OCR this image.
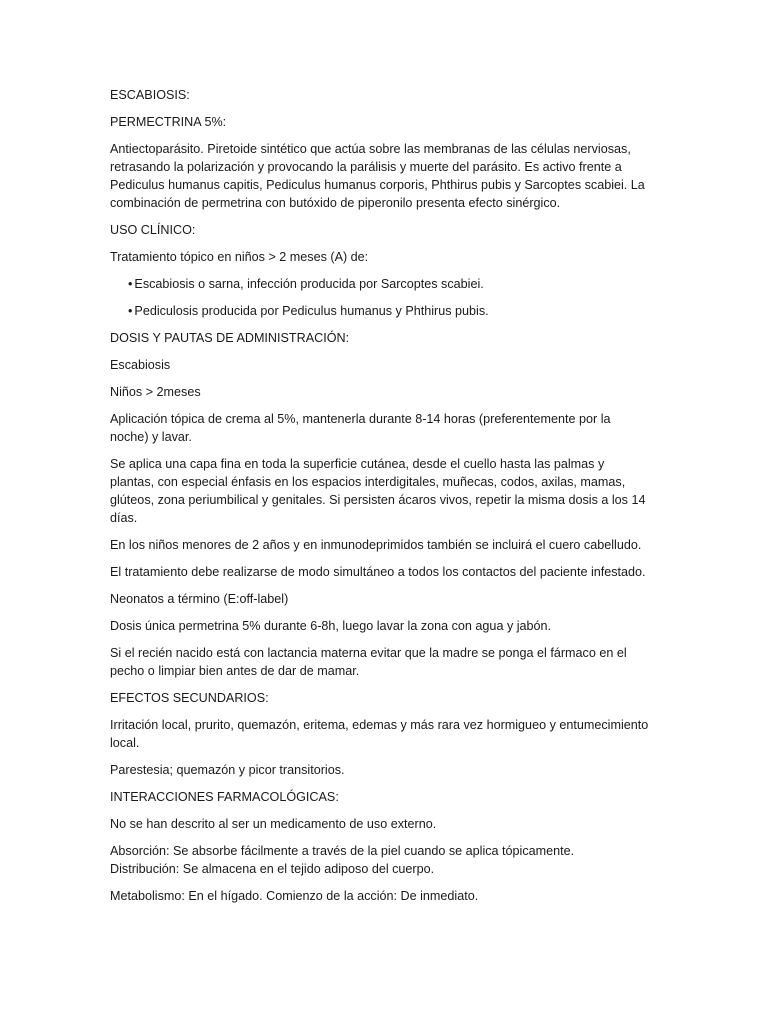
ESCABIOSIS:

PERMECTRINA 5%:

Antiectoparásito. Piretoide sintético que actúa sobre las membranas de las células nerviosas, retrasando la polarización y provocando la parálisis y muerte del parásito. Es activo frente a Pediculus humanus capitis, Pediculus humanus corporis, Phthirus pubis y Sarcoptes scabiei. La combinación de permetrina con butóxido de piperonilo presenta efecto sinérgico.

USO CLÍNICO:

Tratamiento tópico en niños > 2 meses (A) de:

• Escabiosis o sarna, infección producida por Sarcoptes scabiei.
• Pediculosis producida por Pediculus humanus y Phthirus pubis.

DOSIS Y PAUTAS DE ADMINISTRACIÓN:

Escabiosis

Niños > 2meses

Aplicación tópica de crema al 5%, mantenerla durante 8-14 horas (preferentemente por la noche) y lavar.

Se aplica una capa fina en toda la superficie cutánea, desde el cuello hasta las palmas y plantas, con especial énfasis en los espacios interdigitales, muñecas, codos, axilas, mamas, glúteos, zona periumbilical y genitales. Si persisten ácaros vivos, repetir la misma dosis a los 14 días.

En los niños menores de 2 años y en inmunodeprimidos también se incluirá el cuero cabelludo.

El tratamiento debe realizarse de modo simultáneo a todos los contactos del paciente infestado.

Neonatos a término (E:off-label)

Dosis única permetrina 5% durante 6-8h, luego lavar la zona con agua y jabón.

Si el recién nacido está con lactancia materna evitar que la madre se ponga el fármaco en el pecho o limpiar bien antes de dar de mamar.

EFECTOS SECUNDARIOS:

Irritación local, prurito, quemazón, eritema, edemas y más rara vez hormigueo y entumecimiento local.

Parestesia; quemazón y picor transitorios.

INTERACCIONES FARMACOLÓGICAS:

No se han descrito al ser un medicamento de uso externo.

Absorción: Se absorbe fácilmente a través de la piel cuando se aplica tópicamente.
Distribución: Se almacena en el tejido adiposo del cuerpo.

Metabolismo: En el hígado. Comienzo de la acción: De inmediato.
